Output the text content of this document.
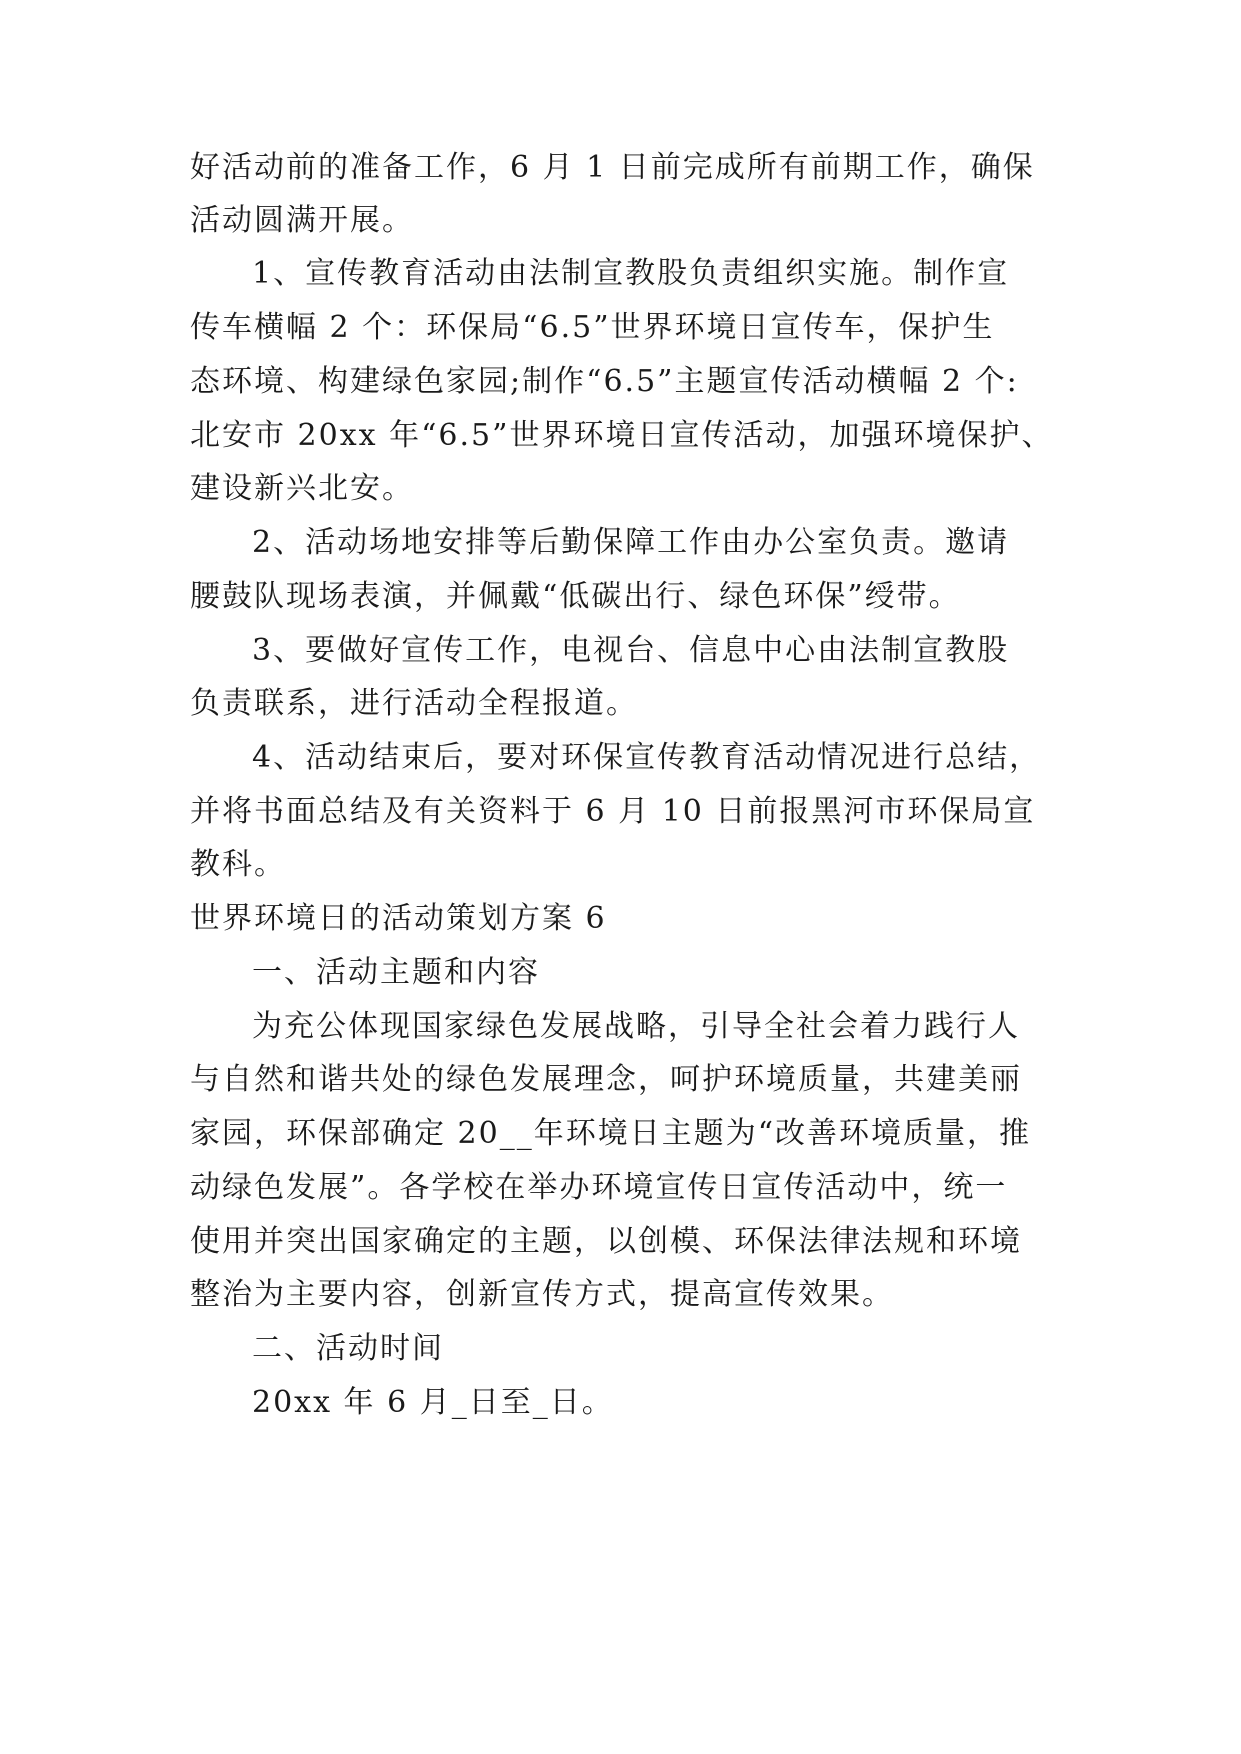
好活动前的准备工作，6 月 1 日前完成所有前期工作，确保
活动圆满开展。
1、宣传教育活动由法制宣教股负责组织实施。制作宣
传车横幅 2 个：环保局“6.5”世界环境日宣传车，保护生
态环境、构建绿色家园;制作“6.5”主题宣传活动横幅 2 个:
北安市 20xx 年“6.5”世界环境日宣传活动，加强环境保护、
建设新兴北安。
2、活动场地安排等后勤保障工作由办公室负责。邀请
腰鼓队现场表演，并佩戴“低碳出行、绿色环保”绶带。
3、要做好宣传工作，电视台、信息中心由法制宣教股
负责联系，进行活动全程报道。
4、活动结束后，要对环保宣传教育活动情况进行总结，
并将书面总结及有关资料于 6 月 10 日前报黑河市环保局宣
教科。
世界环境日的活动策划方案 6
一、活动主题和内容
为充公体现国家绿色发展战略，引导全社会着力践行人
与自然和谐共处的绿色发展理念，呵护环境质量，共建美丽
家园，环保部确定 20__年环境日主题为“改善环境质量，推
动绿色发展”。各学校在举办环境宣传日宣传活动中，统一
使用并突出国家确定的主题，以创模、环保法律法规和环境
整治为主要内容，创新宣传方式，提高宣传效果。
二、活动时间
20xx 年 6 月_日至_日。
